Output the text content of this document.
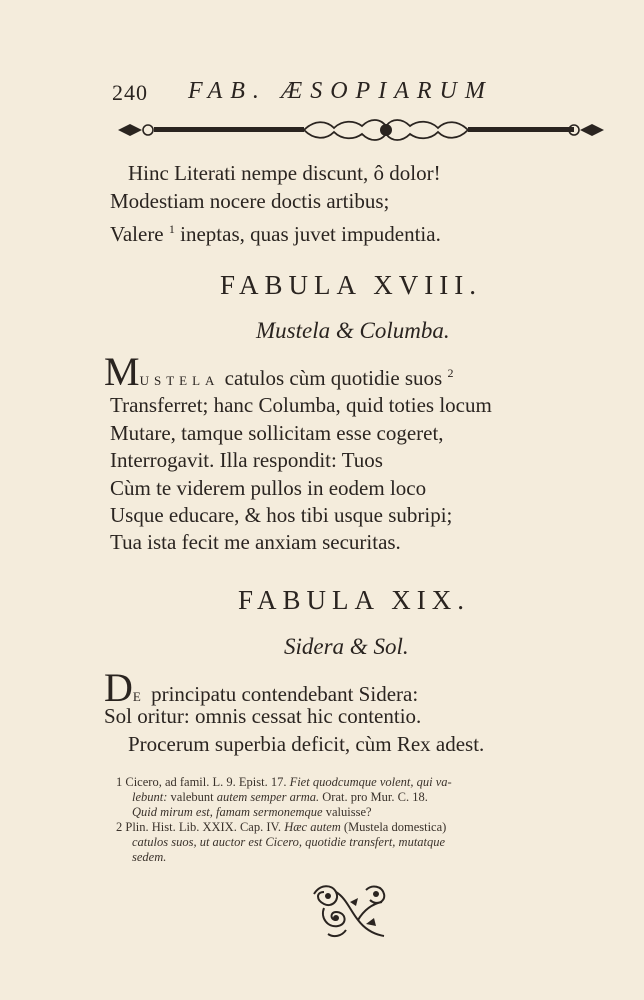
240 FAB. ÆSOPIARUM
Hinc Literati nempe discunt, ô dolor!
Modestiam nocere doctis artibus;
Valere $^1$ ineptas, quas juvet impudentia.
FABULA XVIII.
Mustela & Columba.
MUSTELA catulos cùm quotidie suos $^2$
Transferret; hanc Columba, quid toties locum
Mutare, tamque sollicitam esse cogeret,
Interrogavit. Illa respondit: Tuos
Cùm te viderem pullos in eodem loco
Usque educare, & hos tibi usque subripi;
Tua ista fecit me anxiam securitas.
FABULA XIX.
Sidera & Sol.
DE principatu contendebant Sidera:
Sol oritur: omnis cessat hic contentio.
Procerum superbia deficit, cùm Rex adest.
1 Cicero, ad famil. L. 9. Epist. 17. Fiet quodcumque volent, qui va-
lebunt: valebunt autem semper arma. Orat. pro Mur. C. 18.
Quid mirum est, famam sermonemque valuisse?
2 Plin. Hist. Lib. XXIX. Cap. IV. Hæc autem (Mustela domestica)
catulos suos, ut auctor est Cicero, quotidie transfert, mutatque
sedem.
